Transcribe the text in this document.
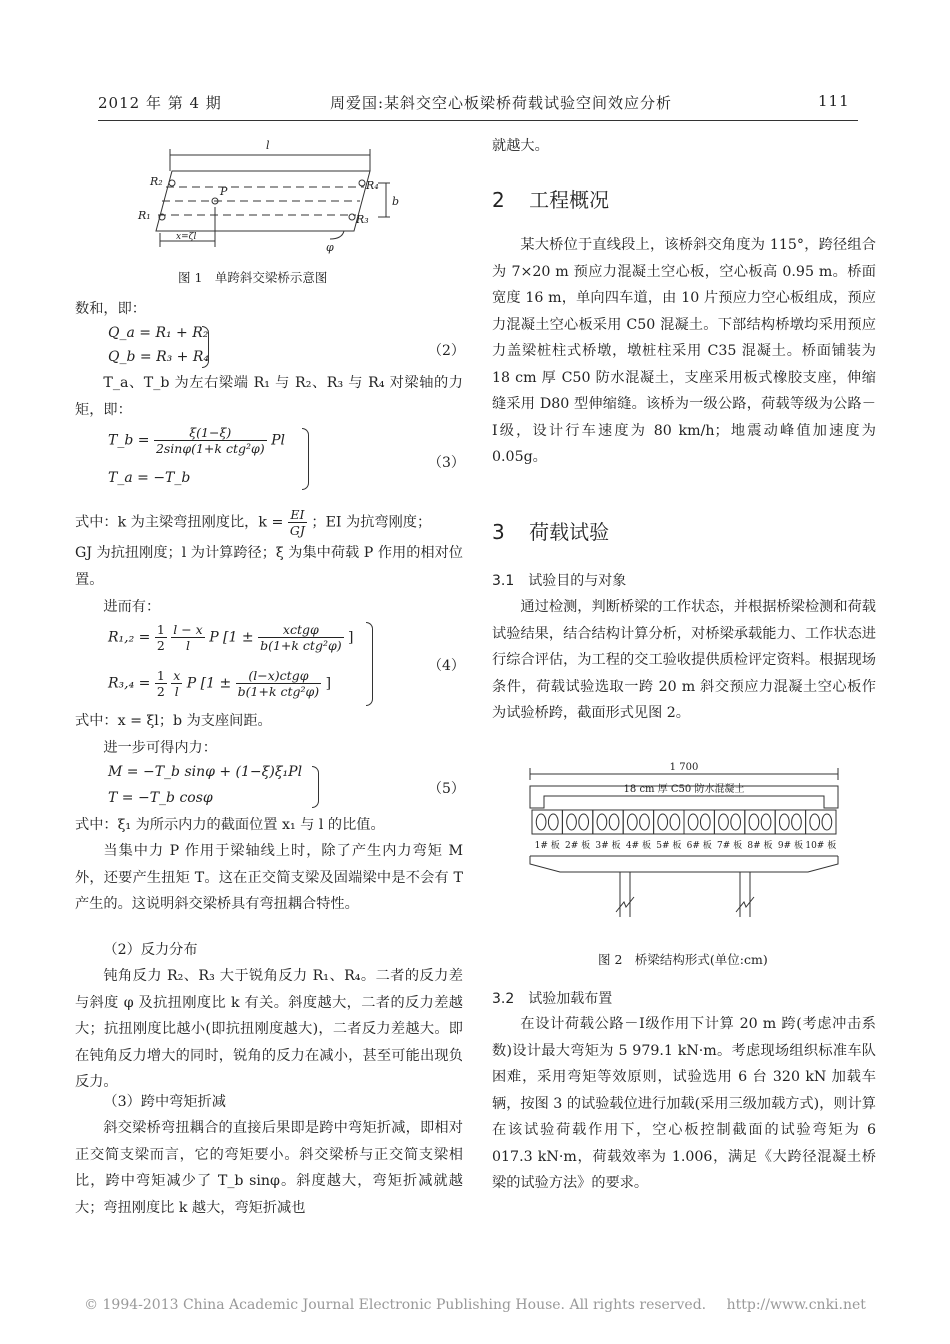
2012 年 第 4 期	周爱国:某斜交空心板梁桥荷载试验空间效应分析	111
l
P
R₂
R₁
R₄
R₃
b
x=ζl
φ
图 1　单跨斜交梁桥示意图

数和，即：

Q_a = R₁ + R₂
Q_b = R₃ + R₄	（2）
T_a、T_b 为左右梁端 R₁ 与 R₂、R₃ 与 R₄ 对梁轴的力矩，即：
T_b = $\frac{\xi(1-\xi)}{\text{2sinφ(1+k ctg²φ)}}$ Pl
T_a = −T_b
（3）
式中：k 为主梁弯扭刚度比，$k = \frac{EI}{GJ}$ ；EI 为抗弯刚度；
GJ 为抗扭刚度；l 为计算跨径；ξ 为集中荷载 P 作用的相对位置。
进而有：
$R_1,_2 = \frac{1}{2}$
$\frac{l - x}{l}$ P [$1 \pm \frac{\text{xctgφ}}{\text{b(1+k ctg²φ)}}$ ]
$R_3,_4 = \frac{1}{2}$
$\frac{x}{l}$ P [$1 \pm \frac{\text{(l−x)ctgφ}}{\text{b(1+k ctg²φ)}}$ ]
（4）
式中：x = ξl；b 为支座间距。
进一步可得内力：
M = −T_b sinφ + (1−ξ)ξ₁Pl
T = −T_b cosφ
（5）
式中：ξ₁ 为所示内力的截面位置 x₁ 与 l 的比值。
当集中力 P 作用于梁轴线上时，除了产生内力弯矩 M 外，还要产生扭矩 T。这在正交简支梁及固端梁中是不会有 T 产生的。这说明斜交梁桥具有弯扭耦合特性。
（2）反力分布
钝角反力 R₂、R₃ 大于锐角反力 R₁、R₄。二者的反力差与斜度 φ 及抗扭刚度比 k 有关。斜度越大，二者的反力差越大；抗扭刚度比越小(即抗扭刚度越大)，二者反力差越大。即在钝角反力增大的同时，锐角的反力在减小，甚至可能出现负反力。
（3）跨中弯矩折减
斜交梁桥弯扭耦合的直接后果即是跨中弯矩折减，即相对正交简支梁而言，它的弯矩要小。斜交梁桥与正交简支梁相比，跨中弯矩减少了 T_b sinφ。斜度越大，弯矩折减就越大；弯扭刚度比 k 越大，弯矩折减也
就越大。
2 工程概况
某大桥位于直线段上，该桥斜交角度为 115°，跨径组合为 7×20 m 预应力混凝土空心板，空心板高 0.95 m。桥面宽度 16 m，单向四车道，由 10 片预应力空心板组成，预应力混凝土空心板采用 C50 混凝土。下部结构桥墩均采用预应力盖梁桩柱式桥墩，墩桩柱采用 C35 混凝土。桥面铺装为 18 cm 厚 C50 防水混凝土，支座采用板式橡胶支座，伸缩缝采用 D80 型伸缩缝。该桥为一级公路，荷载等级为公路－Ⅰ级，设计行车速度为 80 km/h；地震动峰值加速度为 0.05g。
3 荷载试验
3.1　试验目的与对象
通过检测，判断桥梁的工作状态，并根据桥梁检测和荷载试验结果，结合结构计算分析，对桥梁承载能力、工作状态进行综合评估，为工程的交工验收提供质检评定资料。根据现场条件，荷载试验选取一跨 20 m 斜交预应力混凝土空心板作为试验桥跨，截面形式见图 2。
1 700
18 cm 厚 C50 防水混凝土
1# 板 2# 板 3# 板 4# 板 5# 板 6# 板 7# 板 8# 板 9# 板 10# 板
图 2　桥梁结构形式(单位:cm)
3.2　试验加载布置
在设计荷载公路－Ⅰ级作用下计算 20 m 跨(考虑冲击系数)设计最大弯矩为 5 979.1 kN·m。考虑现场组织标准车队困难，采用弯矩等效原则，试验选用 6 台 320 kN 加载车辆，按图 3 的试验载位进行加载(采用三级加载方式)，则计算在该试验荷载作用下，空心板控制截面的试验弯矩为 6 017.3 kN·m，荷载效率为 1.006，满足《大跨径混凝土桥梁的试验方法》的要求。
© 1994-2013 China Academic Journal Electronic Publishing House. All rights reserved. http://www.cnki.net
